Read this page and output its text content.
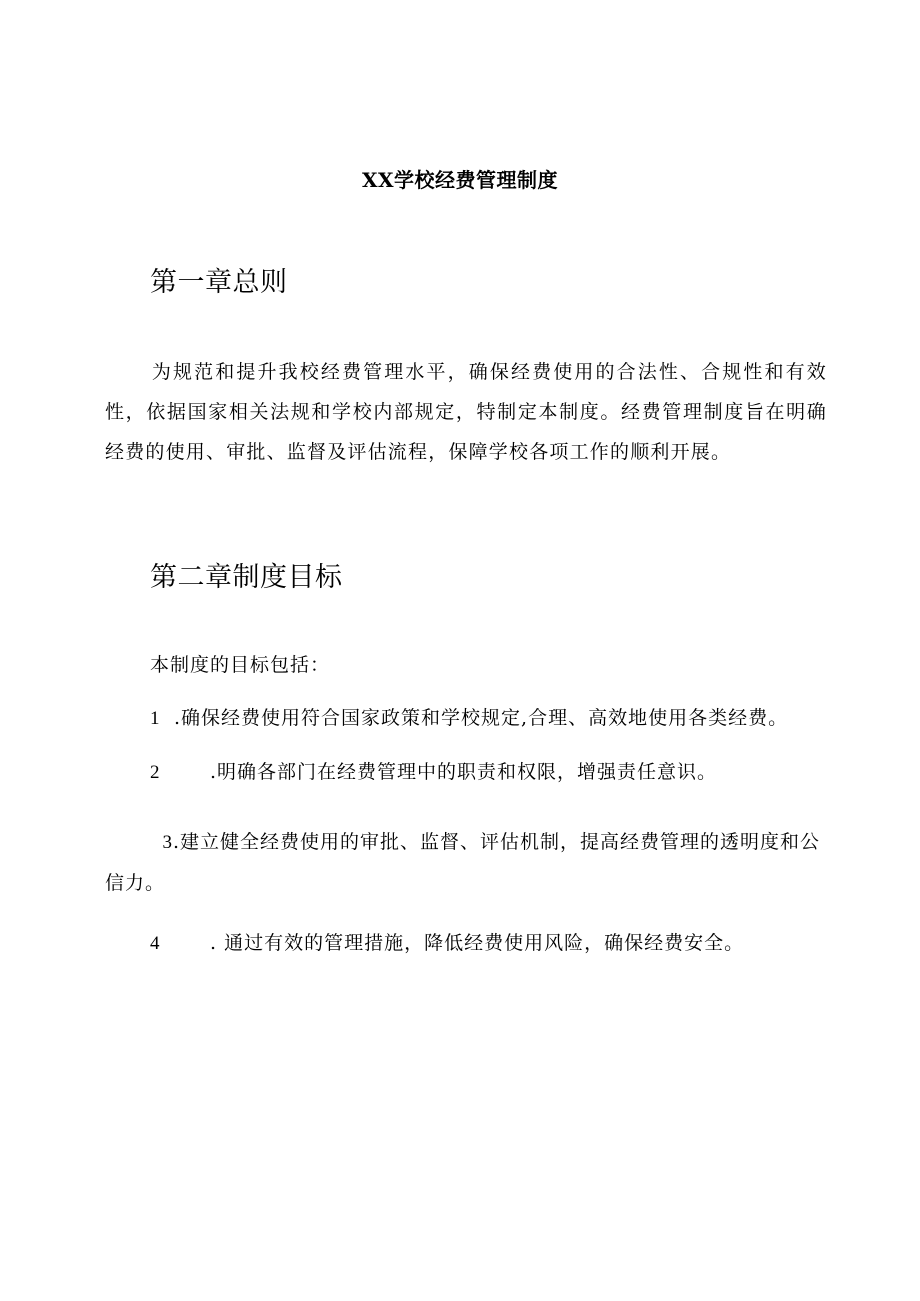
XX学校经费管理制度
第一章总则
为规范和提升我校经费管理水平，确保经费使用的合法性、合规性和有效性，依据国家相关法规和学校内部规定，特制定本制度。经费管理制度旨在明确经费的使用、审批、监督及评估流程，保障学校各项工作的顺利开展。
第二章制度目标
本制度的目标包括：
1 .确保经费使用符合国家政策和学校规定,合理、高效地使用各类经费。
2	.明确各部门在经费管理中的职责和权限，增强责任意识。
3.建立健全经费使用的审批、监督、评估机制，提高经费管理的透明度和公信力。
4	. 通过有效的管理措施，降低经费使用风险，确保经费安全。
